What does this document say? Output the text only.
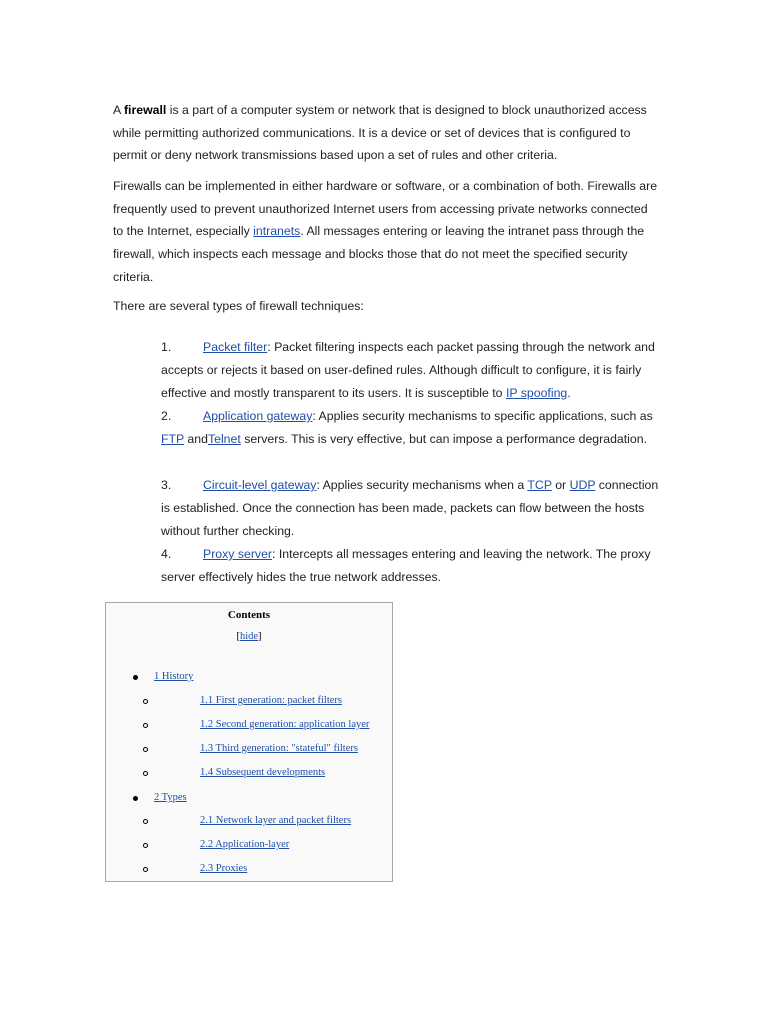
A firewall is a part of a computer system or network that is designed to block unauthorized access while permitting authorized communications. It is a device or set of devices that is configured to permit or deny network transmissions based upon a set of rules and other criteria.

Firewalls can be implemented in either hardware or software, or a combination of both. Firewalls are frequently used to prevent unauthorized Internet users from accessing private networks connected to the Internet, especially intranets. All messages entering or leaving the intranet pass through the firewall, which inspects each message and blocks those that do not meet the specified security criteria.

There are several types of firewall techniques:

1.	Packet filter: Packet filtering inspects each packet passing through the network and accepts or rejects it based on user-defined rules. Although difficult to configure, it is fairly effective and mostly transparent to its users. It is susceptible to IP spoofing.

2.	Application gateway: Applies security mechanisms to specific applications, such as FTP andTelnet servers. This is very effective, but can impose a performance degradation.

3.	Circuit-level gateway: Applies security mechanisms when a TCP or UDP connection is established. Once the connection has been made, packets can flow between the hosts without further checking.

4.	Proxy server: Intercepts all messages entering and leaving the network. The proxy server effectively hides the true network addresses.

Contents
[hide]
1 History
1.1 First generation: packet filters
1.2 Second generation: application layer
1.3 Third generation: "stateful" filters
1.4 Subsequent developments
2 Types
2.1 Network layer and packet filters
2.2 Application-layer
2.3 Proxies
